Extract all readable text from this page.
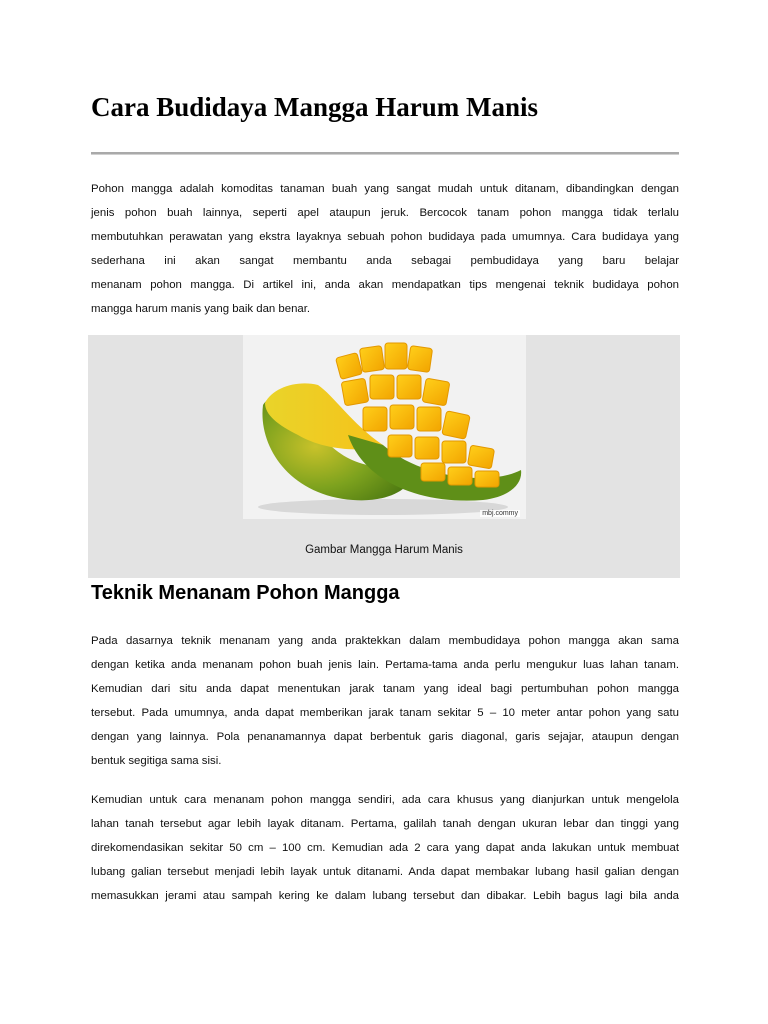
Cara Budidaya Mangga Harum Manis
Pohon mangga adalah komoditas tanaman buah yang sangat mudah untuk ditanam, dibandingkan dengan
jenis pohon buah lainnya, seperti apel ataupun jeruk. Bercocok tanam pohon mangga tidak terlalu
membutuhkan perawatan yang ekstra layaknya sebuah pohon budidaya pada umumnya. Cara budidaya yang
sederhana ini akan sangat membantu anda sebagai pembudidaya yang baru belajar
menanam pohon mangga. Di artikel ini, anda akan mendapatkan tips mengenai teknik budidaya pohon
mangga harum manis yang baik dan benar.
Teknik Menanam Pohon Mangga
Pada dasarnya teknik menanam yang anda praktekkan dalam membudidaya pohon mangga akan sama
dengan ketika anda menanam pohon buah jenis lain. Pertama-tama anda perlu mengukur luas lahan tanam.
Kemudian dari situ anda dapat menentukan jarak tanam yang ideal bagi pertumbuhan pohon mangga
tersebut. Pada umumnya, anda dapat memberikan jarak tanam sekitar 5 – 10 meter antar pohon yang satu
dengan yang lainnya. Pola penanamannya dapat berbentuk garis diagonal, garis sejajar, ataupun dengan
bentuk segitiga sama sisi.
Kemudian untuk cara menanam pohon mangga sendiri, ada cara khusus yang dianjurkan untuk mengelola
lahan tanah tersebut agar lebih layak ditanam. Pertama, galilah tanah dengan ukuran lebar dan tinggi yang
direkomendasikan sekitar 50 cm – 100 cm. Kemudian ada 2 cara yang dapat anda lakukan untuk membuat
lubang galian tersebut menjadi lebih layak untuk ditanami. Anda dapat membakar lubang hasil galian dengan
memasukkan jerami atau sampah kering ke dalam lubang tersebut dan dibakar. Lebih bagus lagi bila anda
mbj.commy
Gambar Mangga Harum Manis
